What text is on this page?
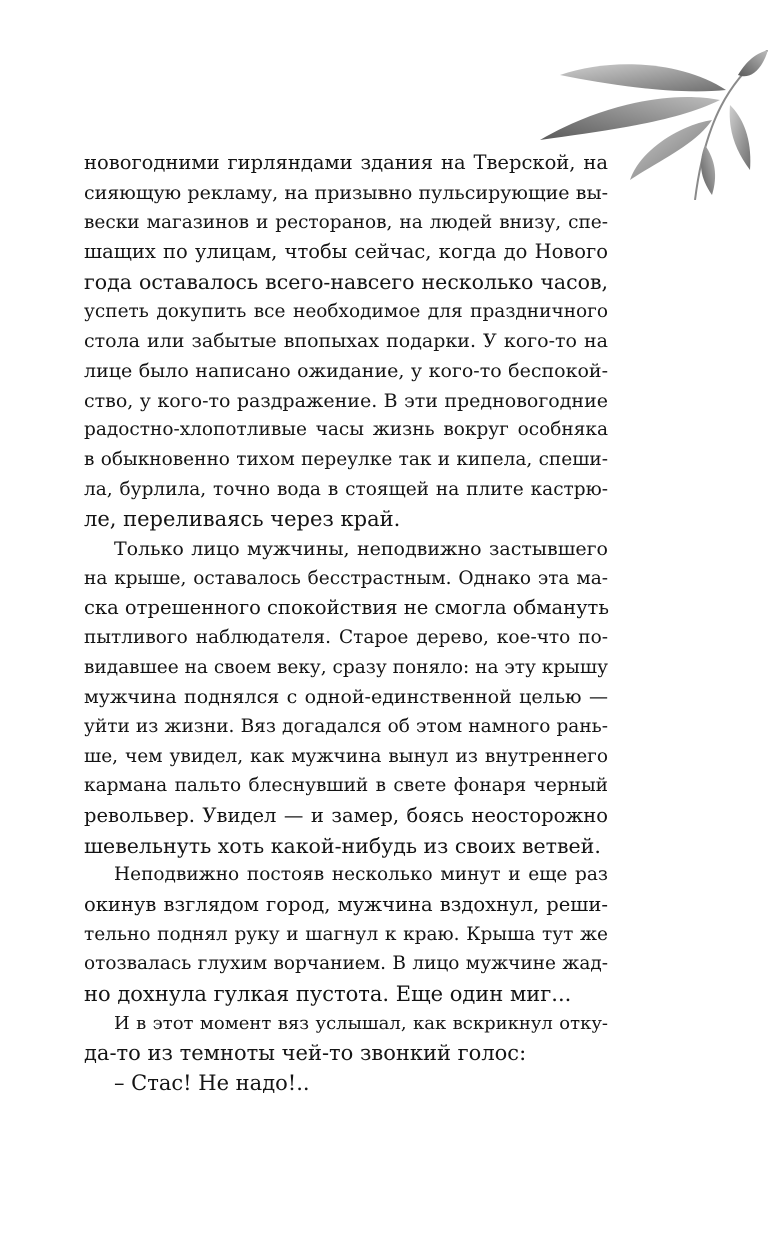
новогодними гирляндами здания на Тверской, на
сияющую рекламу, на призывно пульсирующие вы-
вески магазинов и ресторанов, на людей внизу, спе-
шащих по улицам, чтобы сейчас, когда до Нового
года оставалось всего-навсего несколько часов,
успеть докупить все необходимое для праздничного
стола или забытые впопыхах подарки. У кого-то на
лице было написано ожидание, у кого-то беспокой-
ство, у кого-то раздражение. В эти предновогодние
радостно-хлопотливые часы жизнь вокруг особняка
в обыкновенно тихом переулке так и кипела, спеши-
ла, бурлила, точно вода в стоящей на плите кастрю-
ле, переливаясь через край.
Только лицо мужчины, неподвижно застывшего
на крыше, оставалось бесстрастным. Однако эта ма-
ска отрешенного спокойствия не смогла обмануть
пытливого наблюдателя. Старое дерево, кое-что по-
видавшее на своем веку, сразу поняло: на эту крышу
мужчина поднялся с одной-единственной целью —
уйти из жизни. Вяз догадался об этом намного рань-
ше, чем увидел, как мужчина вынул из внутреннего
кармана пальто блеснувший в свете фонаря черный
револьвер. Увидел — и замер, боясь неосторожно
шевельнуть хоть какой-нибудь из своих ветвей.
Неподвижно постояв несколько минут и еще раз
окинув взглядом город, мужчина вздохнул, реши-
тельно поднял руку и шагнул к краю. Крыша тут же
отозвалась глухим ворчанием. В лицо мужчине жад-
но дохнула гулкая пустота. Еще один миг...
И в этот момент вяз услышал, как вскрикнул отку-
да-то из темноты чей-то звонкий голос:
– Стас! Не надо!..
